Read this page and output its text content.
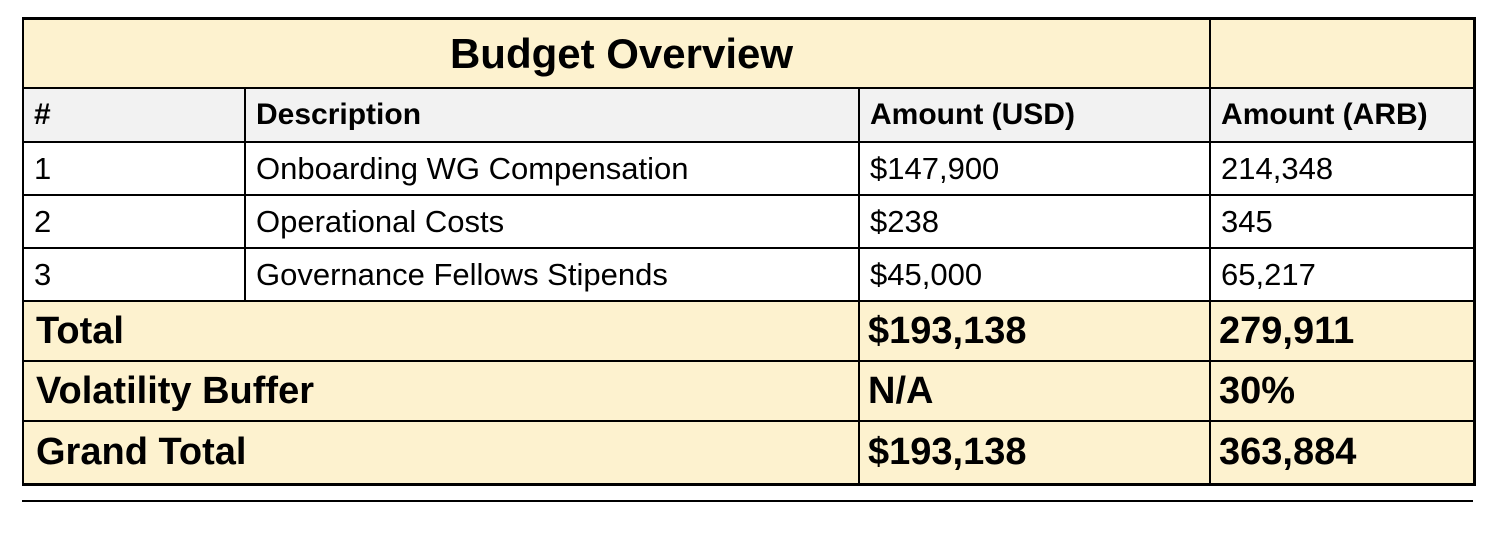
Budget Overview			
#	Description	Amount (USD)	Amount (ARB)
1	Onboarding WG Compensation	$147,900	214,348
2	Operational Costs	$238	345
3	Governance Fellows Stipends	$45,000	65,217
Total		$193,138	279,911
Volatility Buffer		N/A	30%
Grand Total		$193,138	363,884
